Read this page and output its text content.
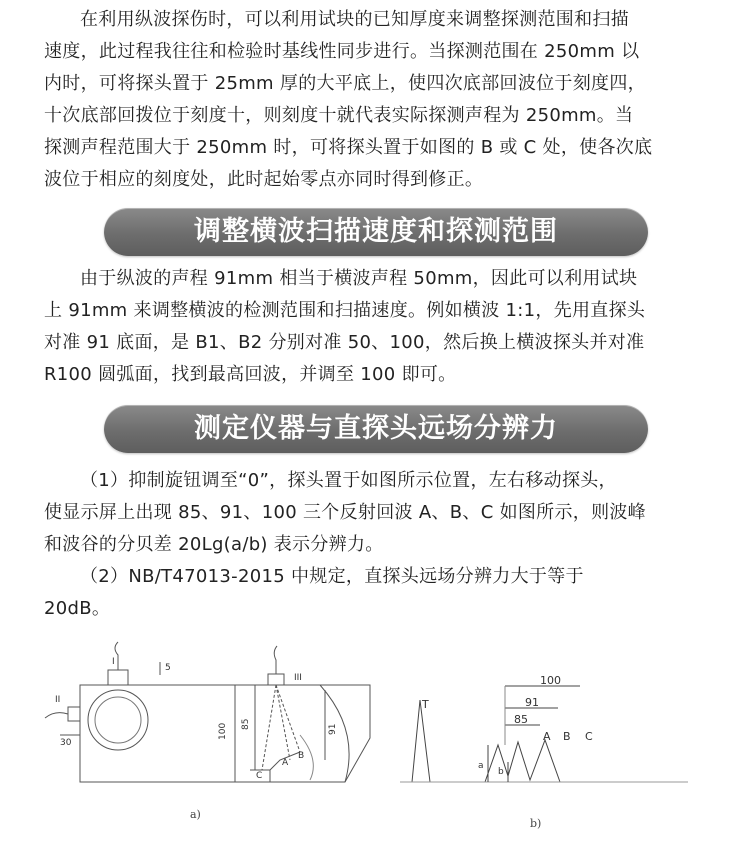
在利用纵波探伤时，可以利用试块的已知厚度来调整探测范围和扫描

速度，此过程我往往和检验时基线性同步进行。当探测范围在 250mm 以

内时，可将探头置于 25mm 厚的大平底上，使四次底部回波位于刻度四，

十次底部回拨位于刻度十，则刻度十就代表实际探测声程为 250mm。当

探测声程范围大于 250mm 时，可将探头置于如图的 B 或 C 处，使各次底

波位于相应的刻度处，此时起始零点亦同时得到修正。

调整横波扫描速度和探测范围

由于纵波的声程 91mm 相当于横波声程 50mm，因此可以利用试块

上 91mm 来调整横波的检测范围和扫描速度。例如横波 1:1，先用直探头

对准 91 底面，是 B1、B2 分别对准 50、100，然后换上横波探头并对准

R100 圆弧面，找到最高回波，并调至 100 即可。

测定仪器与直探头远场分辨力

（1）抑制旋钮调至“0”，探头置于如图所示位置，左右移动探头，

使显示屏上出现 85、91、100 三个反射回波 A、B、C 如图所示，则波峰

和波谷的分贝差 20Lg(a/b) 表示分辨力。

（2）NB/T47013-2015 中规定，直探头远场分辨力大于等于

20dB。

I
II
III
5
30
100 85	91
A
B
C
T
100
91
85
A B C
a
b
a)
b)
